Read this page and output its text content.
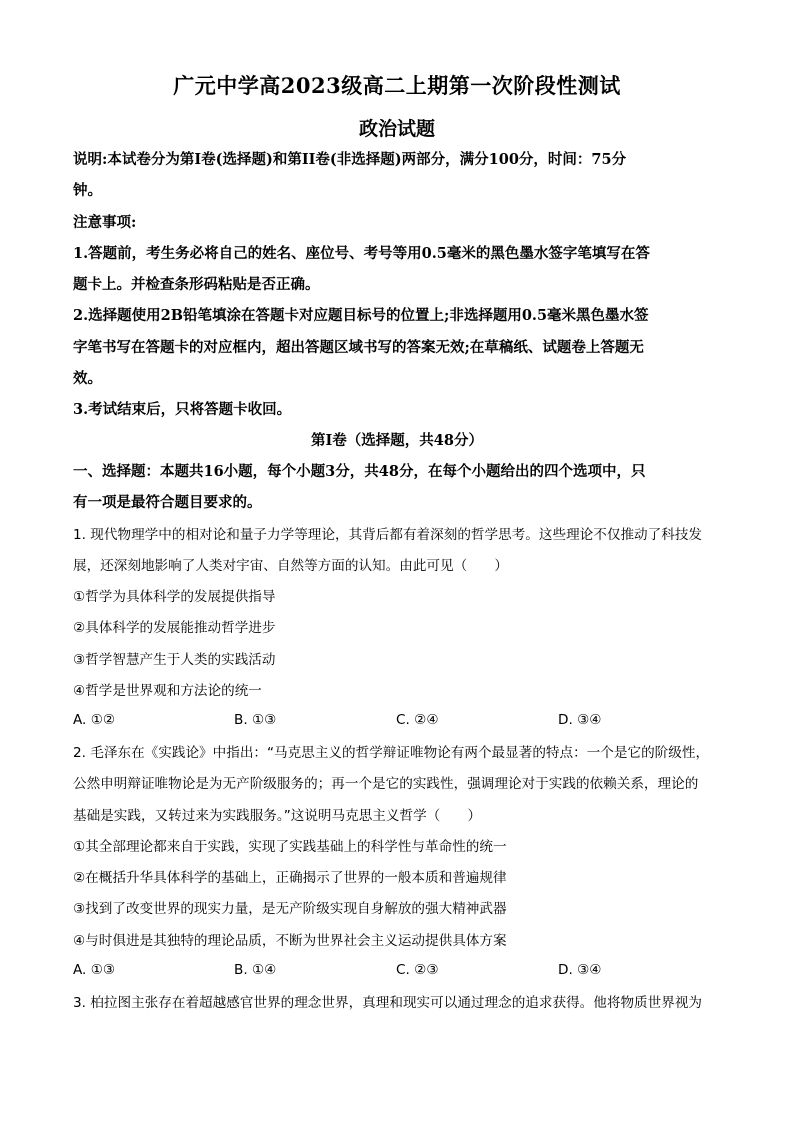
广元中学高2023级高二上期第一次阶段性测试
政治试题
说明:本试卷分为第I卷(选择题)和第II卷(非选择题)两部分，满分100分，时间：75分
钟。
注意事项:
1.答题前，考生务必将自己的姓名、座位号、考号等用0.5毫米的黑色墨水签字笔填写在答
题卡上。并检查条形码粘贴是否正确。
2.选择题使用2B铅笔填涂在答题卡对应题目标号的位置上;非选择题用0.5毫米黑色墨水签
字笔书写在答题卡的对应框内，超出答题区域书写的答案无效;在草稿纸、试题卷上答题无
效。
3.考试结束后，只将答题卡收回。
第I卷（选择题，共48分）
一、选择题：本题共16小题，每个小题3分，共48分，在每个小题给出的四个选项中，只
有一项是最符合题目要求的。
1. 现代物理学中的相对论和量子力学等理论，其背后都有着深刻的哲学思考。这些理论不仅推动了科技发
展，还深刻地影响了人类对宇宙、自然等方面的认知。由此可见（　　）
①哲学为具体科学的发展提供指导
②具体科学的发展能推动哲学进步
③哲学智慧产生于人类的实践活动
④哲学是世界观和方法论的统一
A. ①②	B. ①③	C. ②④	D. ③④
2. 毛泽东在《实践论》中指出：“马克思主义的哲学辩证唯物论有两个最显著的特点：一个是它的阶级性，
公然申明辩证唯物论是为无产阶级服务的；再一个是它的实践性，强调理论对于实践的依赖关系，理论的
基础是实践，又转过来为实践服务。”这说明马克思主义哲学（　　）
①其全部理论都来自于实践，实现了实践基础上的科学性与革命性的统一
②在概括升华具体科学的基础上，正确揭示了世界的一般本质和普遍规律
③找到了改变世界的现实力量，是无产阶级实现自身解放的强大精神武器
④与时俱进是其独特的理论品质，不断为世界社会主义运动提供具体方案
A. ①③	B. ①④	C. ②③	D. ③④
3. 柏拉图主张存在着超越感官世界的理念世界，真理和现实可以通过理念的追求获得。他将物质世界视为
